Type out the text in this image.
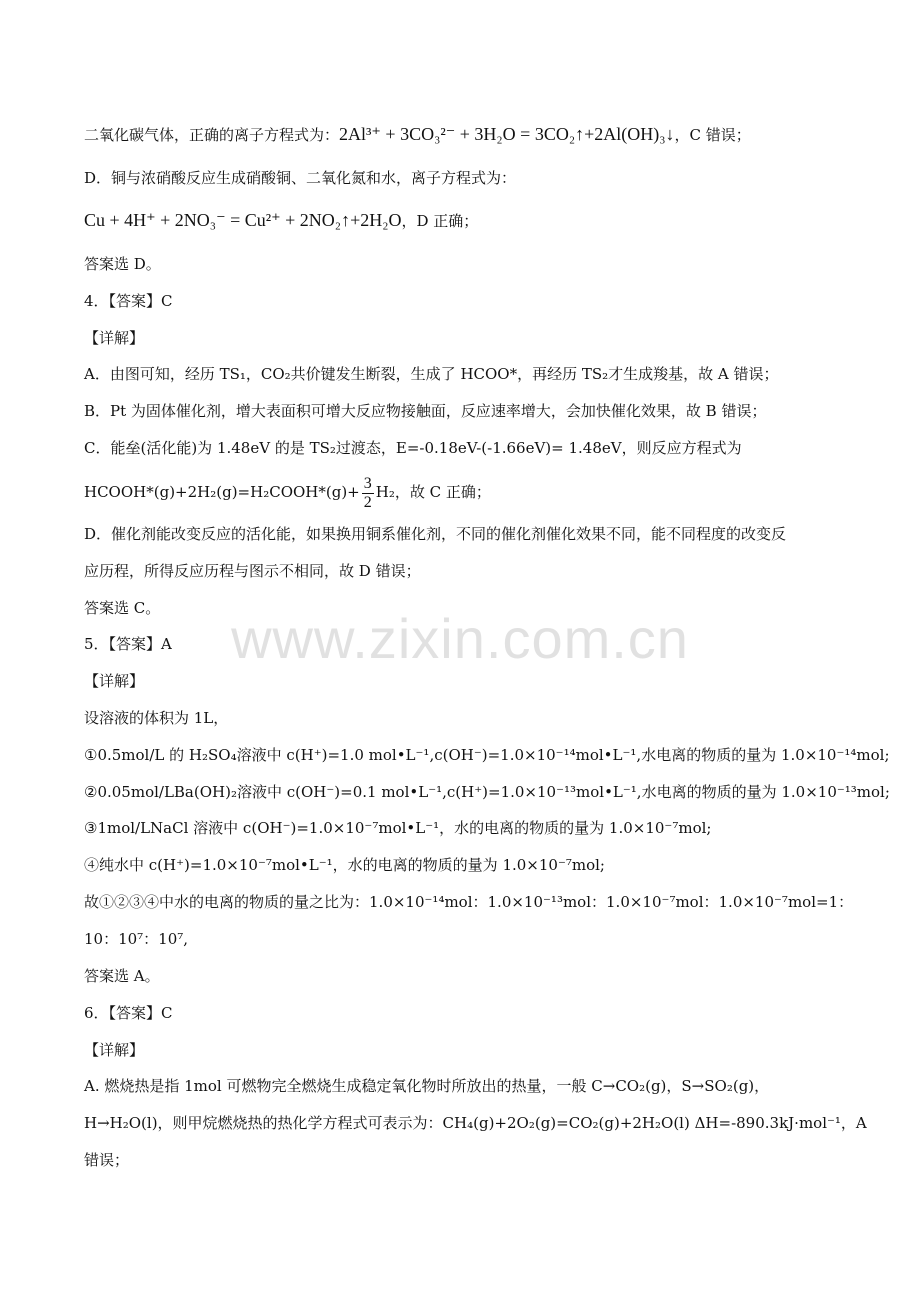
www.zixin.com.cn
二氧化碳气体，正确的离子方程式为：2Al³⁺ + 3CO₃²⁻ + 3H₂O = 3CO₂↑+2Al(OH)₃↓，C 错误；
D．铜与浓硝酸反应生成硝酸铜、二氧化氮和水，离子方程式为：
Cu + 4H⁺ + 2NO₃⁻ = Cu²⁺ + 2NO₂↑+2H₂O，D 正确；
答案选 D。
4．【答案】C
【详解】
A．由图可知，经历 TS₁，CO₂共价键发生断裂，生成了 HCOO*，再经历 TS₂才生成羧基，故 A 错误；
B．Pt 为固体催化剂，增大表面积可增大反应物接触面，反应速率增大，会加快催化效果，故 B 错误；
C．能垒(活化能)为 1.48eV 的是 TS₂过渡态，E=-0.18eV-(-1.66eV)= 1.48eV，则反应方程式为
HCOOH*(g)+2H₂(g)=H₂COOH*(g)+ $\frac{3}{2} H_2$，故 C 正确；
D．催化剂能改变反应的活化能，如果换用铜系催化剂，不同的催化剂催化效果不同，能不同程度的改变反
应历程，所得反应历程与图示不相同，故 D 错误；
答案选 C。
5．【答案】A
【详解】
设溶液的体积为 1L，
①0.5mol/L 的 H₂SO₄溶液中 c(H⁺)=1.0 mol•L⁻¹,c(OH⁻)=1.0×10⁻¹⁴mol•L⁻¹,水电离的物质的量为 1.0×10⁻¹⁴mol;
②0.05mol/LBa(OH)₂溶液中 c(OH⁻)=0.1 mol•L⁻¹,c(H⁺)=1.0×10⁻¹³mol•L⁻¹,水电离的物质的量为 1.0×10⁻¹³mol;
③1mol/LNaCl 溶液中 c(OH⁻)=1.0×10⁻⁷mol•L⁻¹，水的电离的物质的量为 1.0×10⁻⁷mol;
④纯水中 c(H⁺)=1.0×10⁻⁷mol•L⁻¹，水的电离的物质的量为 1.0×10⁻⁷mol;
故①②③④中水的电离的物质的量之比为：1.0×10⁻¹⁴mol：1.0×10⁻¹³mol：1.0×10⁻⁷mol：1.0×10⁻⁷mol=1：
10：10⁷：10⁷,
答案选 A。
6．【答案】C
【详解】
A. 燃烧热是指 1mol 可燃物完全燃烧生成稳定氧化物时所放出的热量，一般 C→CO₂(g)，S→SO₂(g)，
H→H₂O(l)，则甲烷燃烧热的热化学方程式可表示为：CH₄(g)+2O₂(g)=CO₂(g)+2H₂O(l) ΔH=-890.3kJ·mol⁻¹，A
错误；
